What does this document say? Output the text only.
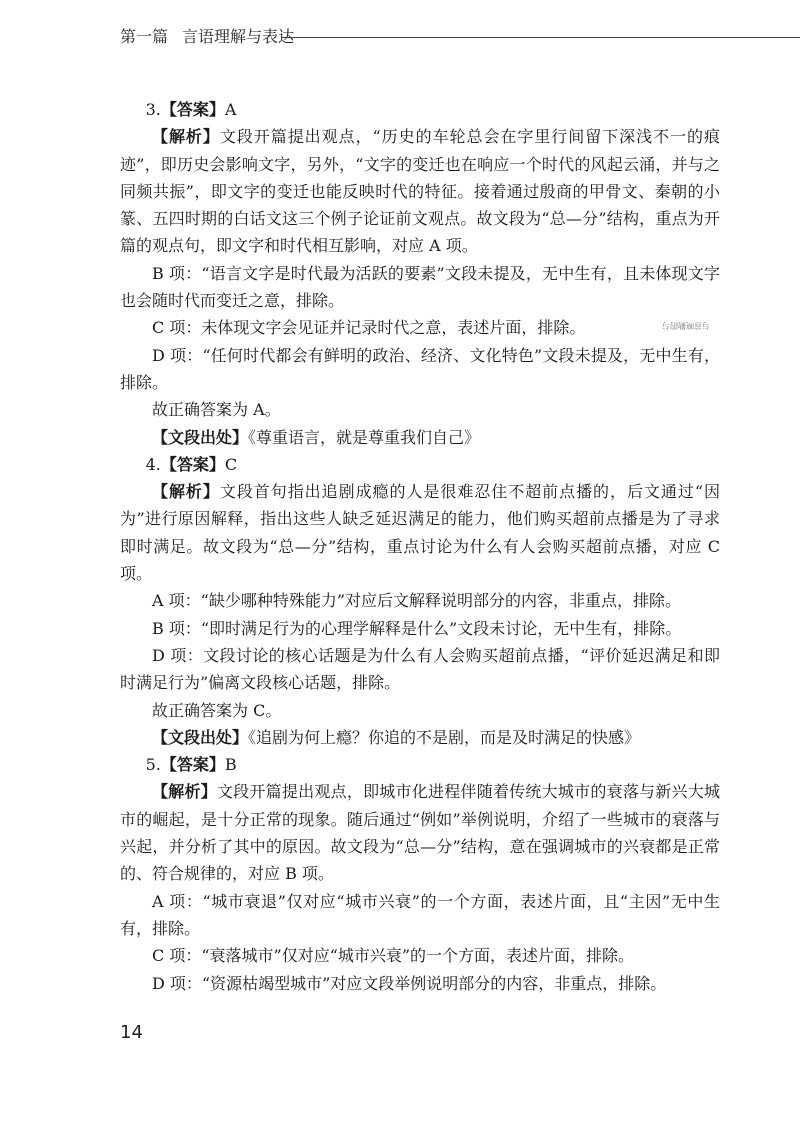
第一篇 言语理解与表达
与首映勤的与

3.【答案】A

【解析】文段开篇提出观点，“历史的车轮总会在字里行间留下深浅不一的痕迹”，即历史会影响文字，另外，“文字的变迁也在响应一个时代的风起云涌，并与之同频共振”，即文字的变迁也能反映时代的特征。接着通过殷商的甲骨文、秦朝的小篆、五四时期的白话文这三个例子论证前文观点。故文段为“总—分”结构，重点为开篇的观点句，即文字和时代相互影响，对应 A 项。

B 项：“语言文字是时代最为活跃的要素”文段未提及，无中生有，且未体现文字也会随时代而变迁之意，排除。

C 项：未体现文字会见证并记录时代之意，表述片面，排除。

D 项：“任何时代都会有鲜明的政治、经济、文化特色”文段未提及，无中生有，排除。

故正确答案为 A。

【文段出处】《尊重语言，就是尊重我们自己》

4.【答案】C

【解析】文段首句指出追剧成瘾的人是很难忍住不超前点播的，后文通过“因为”进行原因解释，指出这些人缺乏延迟满足的能力，他们购买超前点播是为了寻求即时满足。故文段为“总—分”结构，重点讨论为什么有人会购买超前点播，对应 C 项。

A 项：“缺少哪种特殊能力”对应后文解释说明部分的内容，非重点，排除。

B 项：“即时满足行为的心理学解释是什么”文段未讨论，无中生有，排除。

D 项：文段讨论的核心话题是为什么有人会购买超前点播，“评价延迟满足和即时满足行为”偏离文段核心话题，排除。

故正确答案为 C。

【文段出处】《追剧为何上瘾？你追的不是剧，而是及时满足的快感》

5.【答案】B

【解析】文段开篇提出观点，即城市化进程伴随着传统大城市的衰落与新兴大城市的崛起，是十分正常的现象。随后通过“例如”举例说明，介绍了一些城市的衰落与兴起，并分析了其中的原因。故文段为“总—分”结构，意在强调城市的兴衰都是正常的、符合规律的，对应 B 项。

A 项：“城市衰退”仅对应“城市兴衰”的一个方面，表述片面，且“主因”无中生有，排除。

C 项：“衰落城市”仅对应“城市兴衰”的一个方面，表述片面，排除。

D 项：“资源枯竭型城市”对应文段举例说明部分的内容，非重点，排除。

14
